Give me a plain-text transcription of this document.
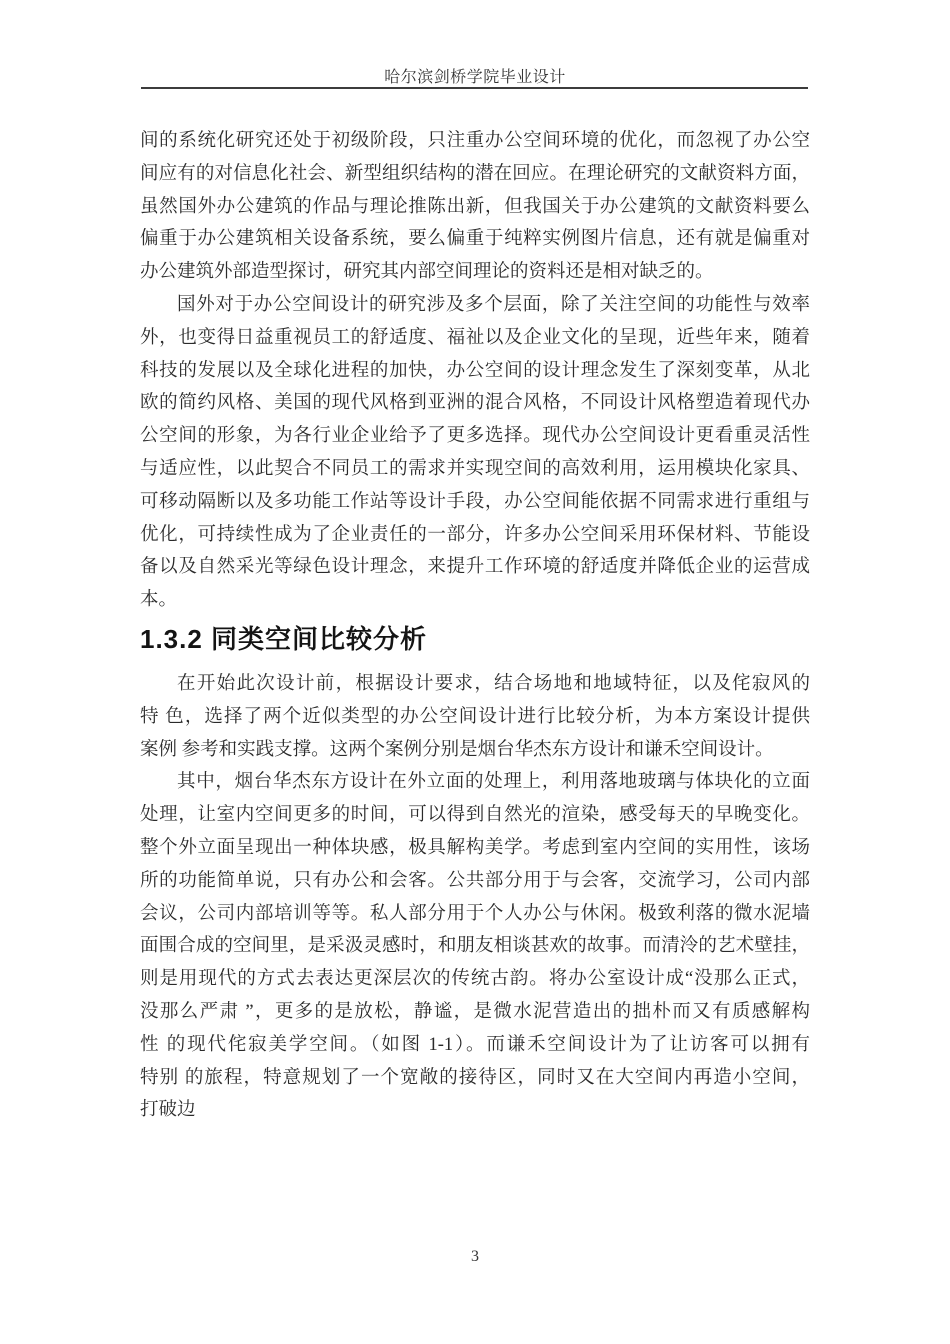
哈尔滨剑桥学院毕业设计
间的系统化研究还处于初级阶段，只注重办公空间环境的优化，而忽视了办公空
间应有的对信息化社会、新型组织结构的潜在回应。在理论研究的文献资料方面，
虽然国外办公建筑的作品与理论推陈出新，但我国关于办公建筑的文献资料要么
偏重于办公建筑相关设备系统，要么偏重于纯粹实例图片信息，还有就是偏重对
办公建筑外部造型探讨，研究其内部空间理论的资料还是相对缺乏的。
国外对于办公空间设计的研究涉及多个层面，除了关注空间的功能性与效率
外，也变得日益重视员工的舒适度、福祉以及企业文化的呈现，近些年来，随着
科技的发展以及全球化进程的加快，办公空间的设计理念发生了深刻变革，从北
欧的简约风格、美国的现代风格到亚洲的混合风格，不同设计风格塑造着现代办
公空间的形象，为各行业企业给予了更多选择。现代办公空间设计更看重灵活性
与适应性，以此契合不同员工的需求并实现空间的高效利用，运用模块化家具、
可移动隔断以及多功能工作站等设计手段，办公空间能依据不同需求进行重组与
优化，可持续性成为了企业责任的一部分，许多办公空间采用环保材料、节能设
备以及自然采光等绿色设计理念，来提升工作环境的舒适度并降低企业的运营成
本。
1.3.2 同类空间比较分析
在开始此次设计前，根据设计要求，结合场地和地域特征，以及侘寂风的
特 色，选择了两个近似类型的办公空间设计进行比较分析，为本方案设计提供
案例 参考和实践支撑。这两个案例分别是烟台华杰东方设计和谦禾空间设计。
其中，烟台华杰东方设计在外立面的处理上，利用落地玻璃与体块化的立面
处理，让室内空间更多的时间，可以得到自然光的渲染，感受每天的早晚变化。
整个外立面呈现出一种体块感，极具解构美学。考虑到室内空间的实用性，该场
所的功能简单说，只有办公和会客。公共部分用于与会客，交流学习，公司内部
会议，公司内部培训等等。私人部分用于个人办公与休闲。极致利落的微水泥墙
面围合成的空间里，是采汲灵感时，和朋友相谈甚欢的故事。而清泠的艺术壁挂，
则是用现代的方式去表达更深层次的传统古韵。将办公室设计成“没那么正式，
没那么严肃 ”，更多的是放松，静谧，是微水泥营造出的拙朴而又有质感解构
性 的现代侘寂美学空间。（如图 1-1）。而谦禾空间设计为了让访客可以拥有
特别 的旅程，特意规划了一个宽敞的接待区，同时又在大空间内再造小空间，
打破边
3
